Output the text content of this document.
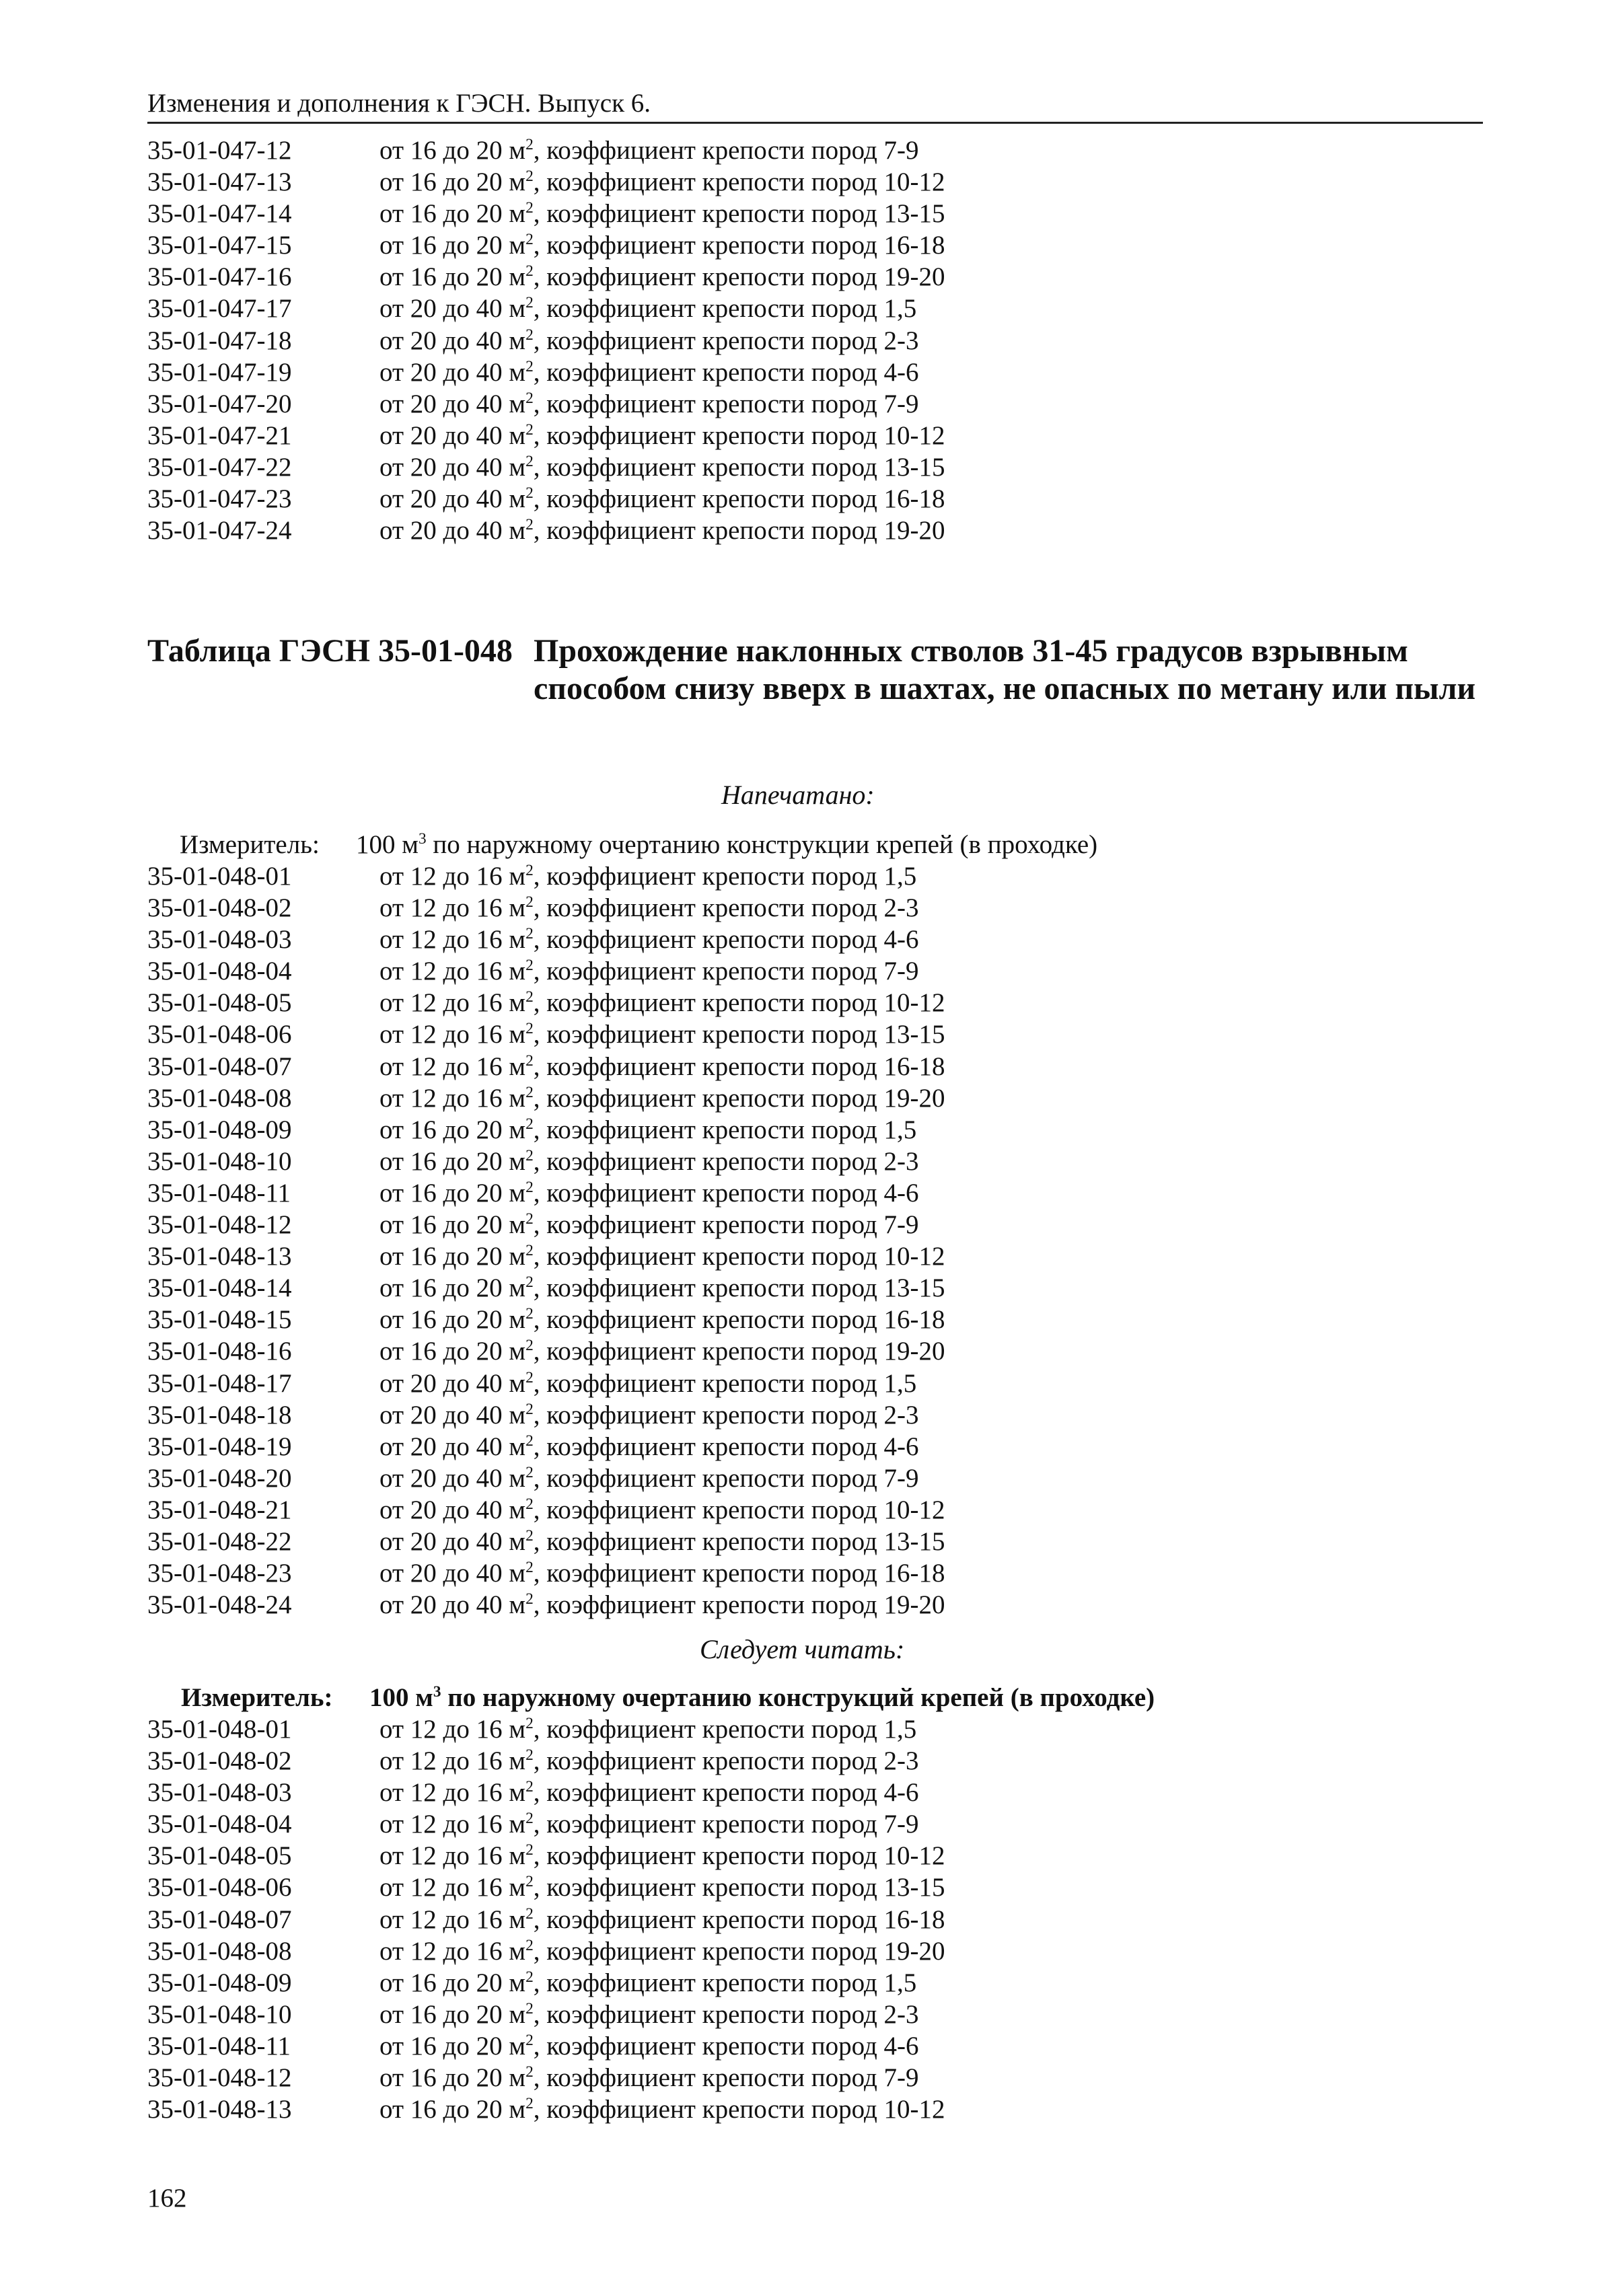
Изменения и дополнения к ГЭСН. Выпуск 6.
35-01-047-12	от 16 до 20 $м^2$, коэффициент крепости пород 7-9
35-01-047-13	от 16 до 20 $м^2$, коэффициент крепости пород 10-12
35-01-047-14	от 16 до 20 $м^2$, коэффициент крепости пород 13-15
35-01-047-15	от 16 до 20 $м^2$, коэффициент крепости пород 16-18
35-01-047-16	от 16 до 20 $м^2$, коэффициент крепости пород 19-20
35-01-047-17	от 20 до 40 $м^2$, коэффициент крепости пород 1,5
35-01-047-18	от 20 до 40 $м^2$, коэффициент крепости пород 2-3
35-01-047-19	от 20 до 40 $м^2$, коэффициент крепости пород 4-6
35-01-047-20	от 20 до 40 $м^2$, коэффициент крепости пород 7-9
35-01-047-21	от 20 до 40 $м^2$, коэффициент крепости пород 10-12
35-01-047-22	от 20 до 40 $м^2$, коэффициент крепости пород 13-15
35-01-047-23	от 20 до 40 $м^2$, коэффициент крепости пород 16-18
35-01-047-24	от 20 до 40 $м^2$, коэффициент крепости пород 19-20
Таблица ГЭСН 35-01-048 Прохождение наклонных стволов 31-45 градусов взрывным способом снизу вверх в шахтах, не опасных по метану или пыли
Напечатано:
Измеритель: 100 $м^3$ по наружному очертанию конструкции крепей (в проходке)
35-01-048-01	от 12 до 16 $м^2$, коэффициент крепости пород 1,5
35-01-048-02	от 12 до 16 $м^2$, коэффициент крепости пород 2-3
35-01-048-03	от 12 до 16 $м^2$, коэффициент крепости пород 4-6
35-01-048-04	от 12 до 16 $м^2$, коэффициент крепости пород 7-9
35-01-048-05	от 12 до 16 $м^2$, коэффициент крепости пород 10-12
35-01-048-06	от 12 до 16 $м^2$, коэффициент крепости пород 13-15
35-01-048-07	от 12 до 16 $м^2$, коэффициент крепости пород 16-18
35-01-048-08	от 12 до 16 $м^2$, коэффициент крепости пород 19-20
35-01-048-09	от 16 до 20 $м^2$, коэффициент крепости пород 1,5
35-01-048-10	от 16 до 20 $м^2$, коэффициент крепости пород 2-3
35-01-048-11	от 16 до 20 $м^2$, коэффициент крепости пород 4-6
35-01-048-12	от 16 до 20 $м^2$, коэффициент крепости пород 7-9
35-01-048-13	от 16 до 20 $м^2$, коэффициент крепости пород 10-12
35-01-048-14	от 16 до 20 $м^2$, коэффициент крепости пород 13-15
35-01-048-15	от 16 до 20 $м^2$, коэффициент крепости пород 16-18
35-01-048-16	от 16 до 20 $м^2$, коэффициент крепости пород 19-20
35-01-048-17	от 20 до 40 $м^2$, коэффициент крепости пород 1,5
35-01-048-18	от 20 до 40 $м^2$, коэффициент крепости пород 2-3
35-01-048-19	от 20 до 40 $м^2$, коэффициент крепости пород 4-6
35-01-048-20	от 20 до 40 $м^2$, коэффициент крепости пород 7-9
35-01-048-21	от 20 до 40 $м^2$, коэффициент крепости пород 10-12
35-01-048-22	от 20 до 40 $м^2$, коэффициент крепости пород 13-15
35-01-048-23	от 20 до 40 $м^2$, коэффициент крепости пород 16-18
35-01-048-24	от 20 до 40 $м^2$, коэффициент крепости пород 19-20
Следует читать:
Измеритель: 100 $м^3$ по наружному очертанию конструкций крепей (в проходке)
35-01-048-01	от 12 до 16 $м^2$, коэффициент крепости пород 1,5
35-01-048-02	от 12 до 16 $м^2$, коэффициент крепости пород 2-3
35-01-048-03	от 12 до 16 $м^2$, коэффициент крепости пород 4-6
35-01-048-04	от 12 до 16 $м^2$, коэффициент крепости пород 7-9
35-01-048-05	от 12 до 16 $м^2$, коэффициент крепости пород 10-12
35-01-048-06	от 12 до 16 $м^2$, коэффициент крепости пород 13-15
35-01-048-07	от 12 до 16 $м^2$, коэффициент крепости пород 16-18
35-01-048-08	от 12 до 16 $м^2$, коэффициент крепости пород 19-20
35-01-048-09	от 16 до 20 $м^2$, коэффициент крепости пород 1,5
35-01-048-10	от 16 до 20 $м^2$, коэффициент крепости пород 2-3
35-01-048-11	от 16 до 20 $м^2$, коэффициент крепости пород 4-6
35-01-048-12	от 16 до 20 $м^2$, коэффициент крепости пород 7-9
35-01-048-13	от 16 до 20 $м^2$, коэффициент крепости пород 10-12
162
